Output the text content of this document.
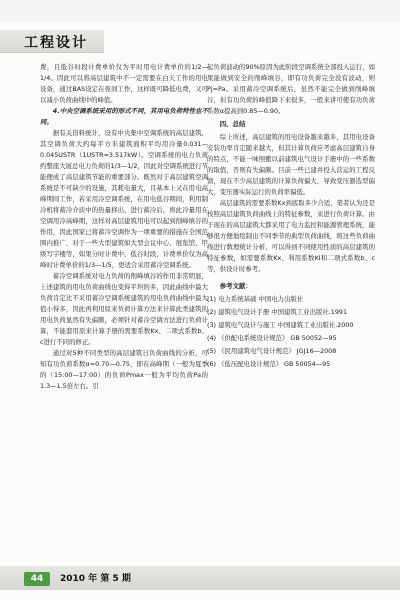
工程设计

费，且低谷时段计费单价仅为平时用电计费单价的1/2—1/4。因此可以将高层建筑中不一定需要在白天工作的用电设备，通过BAS设定在夜间工作，这样既可降低电费，又可以减小负荷曲线中的峰值。

4.中央空调系统采用的形式不同，其用电负荷特性也不同。

据有关资料统计，设有中央集中空调系统的高层建筑，其空调负荷大约每平方米建筑面积平均用冷量0.031—0.045USTR（1USTR=3.517kW）。空调系统的电力负荷约整座大厦总电力负荷的1/3—1/2，因此对空调系统进行节能便成了高层建筑节能的重要部分。既然对于高层建筑空调系统是不可缺少的设施，其耗电量大，且基本上又在用电高峰期间工作，若采用冷空调系统，在用电低谷期间，利用制冷机将蓄冷介质中的热量移出，进行蓄冷后，将此冷量用在空调用冷高峰期，这样对高层建筑用电可以起到削峰填谷的作用，因此国家已将蓄冷空调作为一项重要的措施在全国范围内推广，对于一些大型建筑如大型会议中心、展览馆、甲级写字楼等，如果分时计费中，低谷时段，计费单价仅为高峰时计费单价的1/3—1/5，更适合采用蓄冷空调系统。

蓄冷空调系统对电力负荷的削峰填谷的作用非常明显，上述建筑的用电负荷曲线也变得平坦的多，因此曲线中最大负荷肯定比不采用蓄冷空调系统建筑的用电负荷曲线中最大值小得多，因此再利用原来负荷计算方法来计算此类建筑的用电负荷显然有失偏颇，必须针对蓄冷空调方法进行负荷计算，不能套用原来计算手册的需要系数Kx、二项式系数b、c进行不同的修正。

通过对5种不同类型的高层建筑日负荷曲线的分析，可知有功负荷系数α=0.70—0.75，即在高峰期（一般为夏季的（15:00—17:00）的负荷Pmax一般为平均负荷Pa的1.3—1.5倍左右。引

起负荷波动的90%原因为此阶段空调系统全部投入运行，如果能做到安全的削峰填谷，即有功负荷完全没有波动，则Pj=Pa。采用蓄冷空调系统后，虽然不能完全做到削峰填谷，但有功负荷的峰值降下来很多，一般来讲可使有功负荷系数α提高到0.85—0.90。

四、总结

综上所述，高层建筑的用电设备越来越多，其用电设备安装功率肯定随来越大，但其计算负荷应考虑高层建筑自身的特点，不能一味照搬以前建筑电气设计手册中的一些系数的取值，否则有失偏颇。目前一些已建并投入营运的工程反馈，现在不少高层建筑的计算负荷偏大，导致变压器选型偏大，变压器实际运行的负荷率偏低。

高层建筑的需要系数Kx到底取多少合适，笔者认为还是按照高层建筑负荷曲线上的特征参数，来进行负荷计算。由于现在的高层建筑大都采用了电力监控和能源管理系统，能够很方便地绘制出不同季节的典型负荷曲线，将这些负荷曲线进行数理统计分析，可以得到不同使用性质的高层建筑的特征参数，如需要系数Kx、利用系数Kl和二项式系数b、c等，供设计时参考。

参考文献：
(1) 电力系统基础 中国电力出版社
(2) 建筑电气设计手册 中国建筑工业出版社.1991
(3) 建筑电气设计与施工 中国建筑工业出版社.2000
(4) 《供配电系统设计规范》 GB 50052—95
(5) 《民用建筑电气设计规范》 JGJ16—2008
(6) 《低压配电设计规范》 GB 50054—95
44	2010 年 第 5 期
